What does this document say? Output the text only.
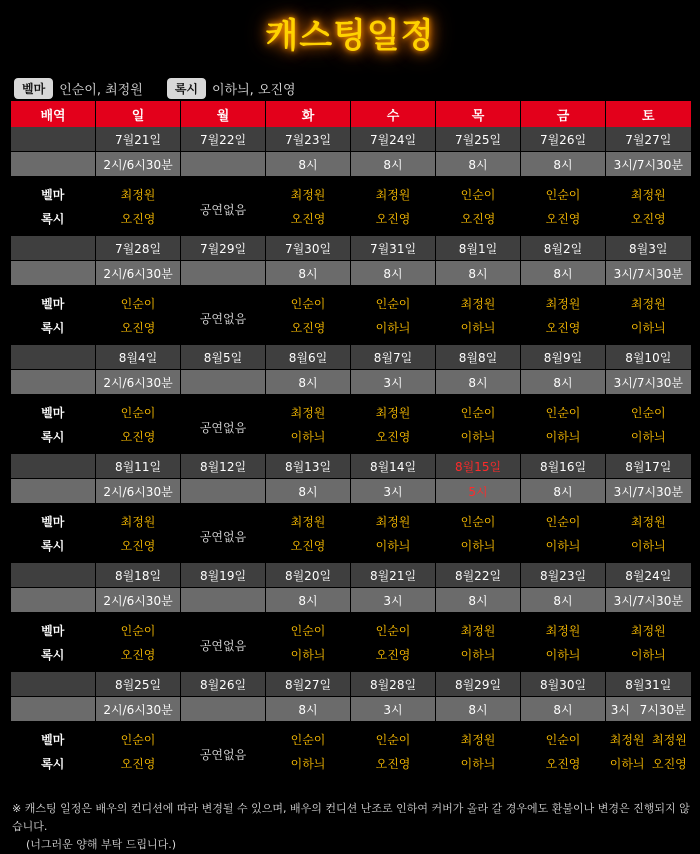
캐스팅일정
벨마	인순이, 최정원	록시	이하늬, 오진영
배역	일	월	화	수	목	금	토
	7월21일	7월22일	7월23일	7월24일	7월25일	7월26일	7월27일
	2시/6시30분		8시	8시	8시	8시	3시/7시30분
벨마	최정원	공연없음	최정원	최정원	인순이	인순이	최정원
록시	오진영		오진영	오진영	오진영	오진영	오진영
	7월28일	7월29일	7월30일	7월31일	8월1일	8월2일	8월3일
	2시/6시30분		8시	8시	8시	8시	3시/7시30분
벨마	인순이	공연없음	인순이	인순이	최정원	최정원	최정원
록시	오진영		오진영	이하늬	이하늬	오진영	이하늬
	8월4일	8월5일	8월6일	8월7일	8월8일	8월9일	8월10일
	2시/6시30분		8시	3시	8시	8시	3시/7시30분
벨마	인순이	공연없음	최정원	최정원	인순이	인순이	인순이
록시	오진영		이하늬	오진영	이하늬	이하늬	이하늬
	8월11일	8월12일	8월13일	8월14일	8월15일	8월16일	8월17일
	2시/6시30분		8시	3시	5시	8시	3시/7시30분
벨마	최정원	공연없음	최정원	최정원	인순이	인순이	최정원
록시	오진영		오진영	이하늬	이하늬	이하늬	이하늬
	8월18일	8월19일	8월20일	8월21일	8월22일	8월23일	8월24일
	2시/6시30분		8시	3시	8시	8시	3시/7시30분
벨마	인순이	공연없음	인순이	인순이	최정원	최정원	최정원
록시	오진영		이하늬	오진영	이하늬	이하늬	이하늬
	8월25일	8월26일	8월27일	8월28일	8월29일	8월30일	8월31일
	2시/6시30분		8시	3시	8시	8시	3시 7시30분

벨마	인순이	공연없음	인순이	인순이	최정원	인순이	최정원 최정원

록시	오진영		이하늬	오진영	이하늬	오진영	이하늬 오진영
※ 캐스팅 일정은 배우의 컨디션에 따라 변경될 수 있으며, 배우의 컨디션 난조로 인하여 커버가 올라 갈 경우에도 환불이나 변경은 진행되지 않습니다.
(너그러운 양해 부탁 드립니다.)
